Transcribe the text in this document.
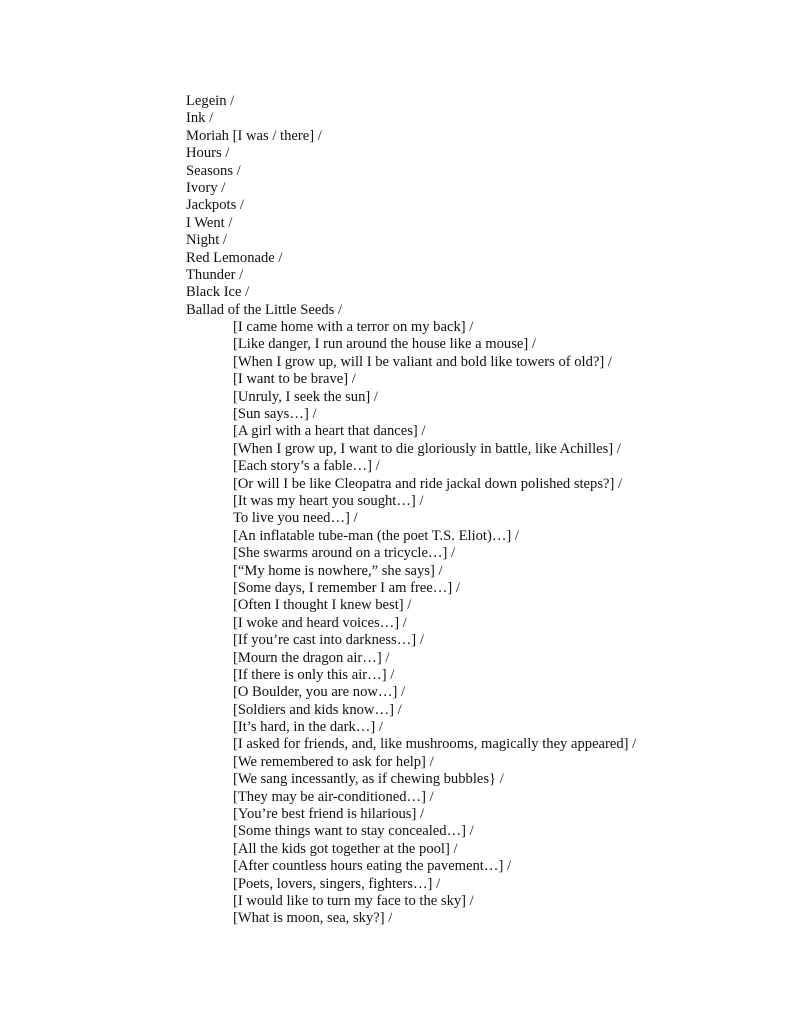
Legein /
Ink /
Moriah [I was / there] /
Hours /
Seasons /
Ivory /
Jackpots /
I Went /
Night /
Red Lemonade /
Thunder /
Black Ice /
Ballad of the Little Seeds /
[I came home with a terror on my back] /
[Like danger, I run around the house like a mouse] /
[When I grow up, will I be valiant and bold like towers of old?] /
[I want to be brave] /
[Unruly, I seek the sun] /
[Sun says…] /
[A girl with a heart that dances] /
[When I grow up, I want to die gloriously in battle, like Achilles] /
[Each story’s a fable…] /
[Or will I be like Cleopatra and ride jackal down polished steps?] /
[It was my heart you sought…] /
To live you need…] /
[An inflatable tube-man (the poet T.S. Eliot)…] /
[She swarms around on a tricycle…] /
[“My home is nowhere,” she says] /
[Some days, I remember I am free…] /
[Often I thought I knew best] /
[I woke and heard voices…] /
[If you’re cast into darkness…] /
[Mourn the dragon air…] /
[If there is only this air…] /
[O Boulder, you are now…] /
[Soldiers and kids know…] /
[It’s hard, in the dark…] /
[I asked for friends, and, like mushrooms, magically they appeared] /
[We remembered to ask for help] /
[We sang incessantly, as if chewing bubbles} /
[They may be air-conditioned…] /
[You’re best friend is hilarious] /
[Some things want to stay concealed…] /
[All the kids got together at the pool] /
[After countless hours eating the pavement…] /
[Poets, lovers, singers, fighters…] /
[I would like to turn my face to the sky] /
[What is moon, sea, sky?] /
